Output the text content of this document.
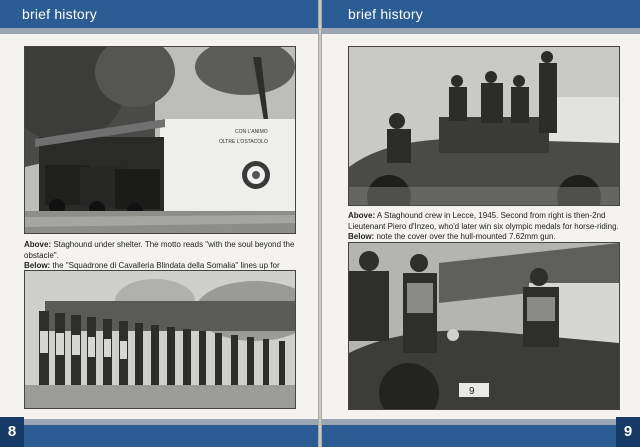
brief history
CON L'ANIMO
OLTRE L'OSTACOLO
Above: Staghound under shelter. The motto reads "with the soul beyond the obstacle".
Below: the "Squadrone di Cavalleria Blindata della Somalia" lines up for
8
brief history
Above: A Staghound crew in Lecce, 1945. Second from right is then-2nd Lieutenant Piero d'Inzeo, who'd later win six olympic medals for horse-riding.
Below: note the cover over the hull-mounted 7.62mm gun.
9
9
